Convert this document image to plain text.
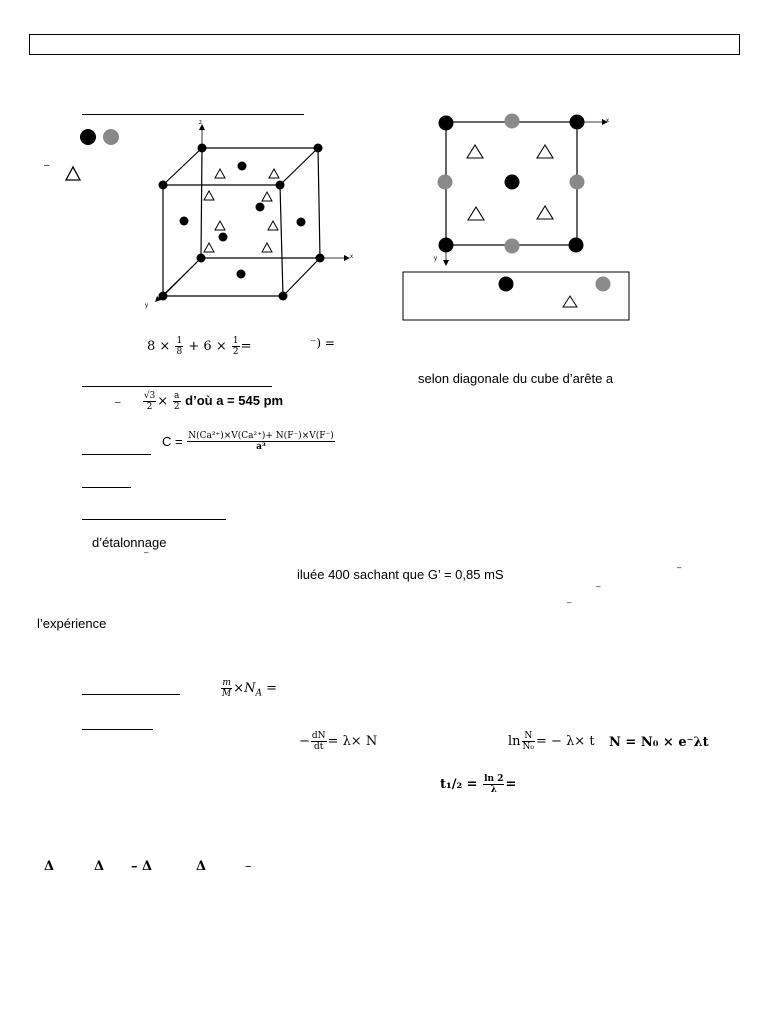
–
z
x
y
x
y
$8 \times \frac{1}{8} + 6 \times \frac{1}{2}$ =	⁻) =
selon diagonale du cube d’arête a
– $\frac{√3}{2} \times \frac{a}{2}$ d’où a = 545 pm
$C = \frac{\text{N(Ca²⁺)×V(Ca²⁺)+ N(F⁻)×V(F⁻)}}{\text{a³}}$
d’étalonnage
–
iluée 400 sachant que G’ = 0,85 mS	–
–
–
l’expérience
$\frac{m}{M} \times N_A$ =
− $\frac{dN}{dt} = \lambda\times N$	$\ln \frac{N}{\text{N₀}}$ = − λ× t N = N₀ × e⁻λt
$t_1/_2 = \frac{\ln 2}{\lambda}$ =
Δ	Δ – Δ	Δ	–
